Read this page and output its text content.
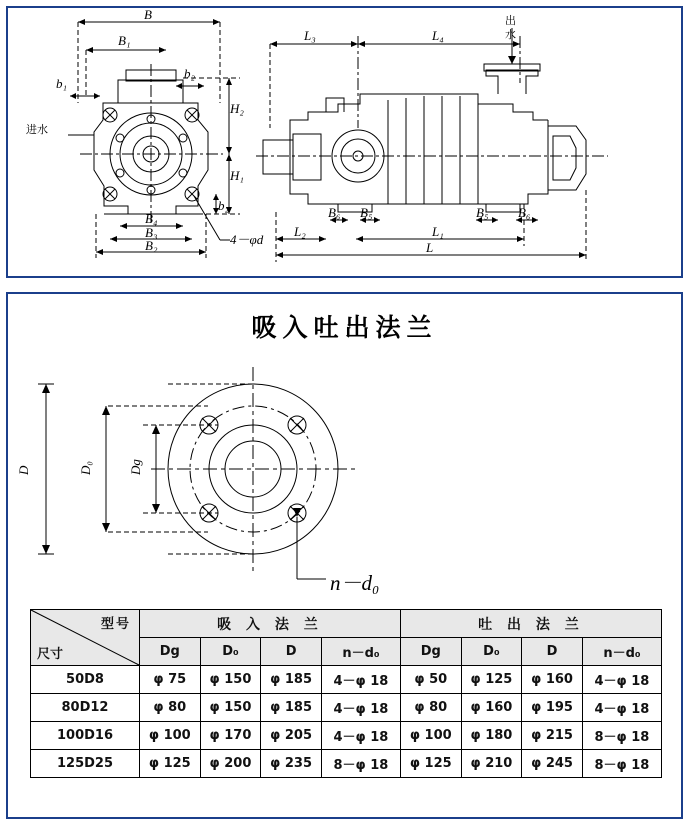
B
B₁
b₁
b₂
H₂
H₁
b₂
B₄
B₃
B₂
L₃	L₄
B₆ B₅	B₅ B₆
L₂	L₁
L
进水
出
水
4－φd
吸入吐出法兰
D	D₀	Dg
n－d₀
型号
尺寸	吸 入 法 兰				吐 出 法 兰			
	Dg	D₀	D	n－d₀	Dg	D₀	D	n－d₀
50D8	φ 75	φ 150	φ 185	4－φ 18	φ 50	φ 125	φ 160	4－φ 18
80D12	φ 80	φ 150	φ 185	4－φ 18	φ 80	φ 160	φ 195	4－φ 18
100D16	φ 100	φ 170	φ 205	4－φ 18	φ 100	φ 180	φ 215	8－φ 18
125D25	φ 125	φ 200	φ 235	8－φ 18	φ 125	φ 210	φ 245	8－φ 18
